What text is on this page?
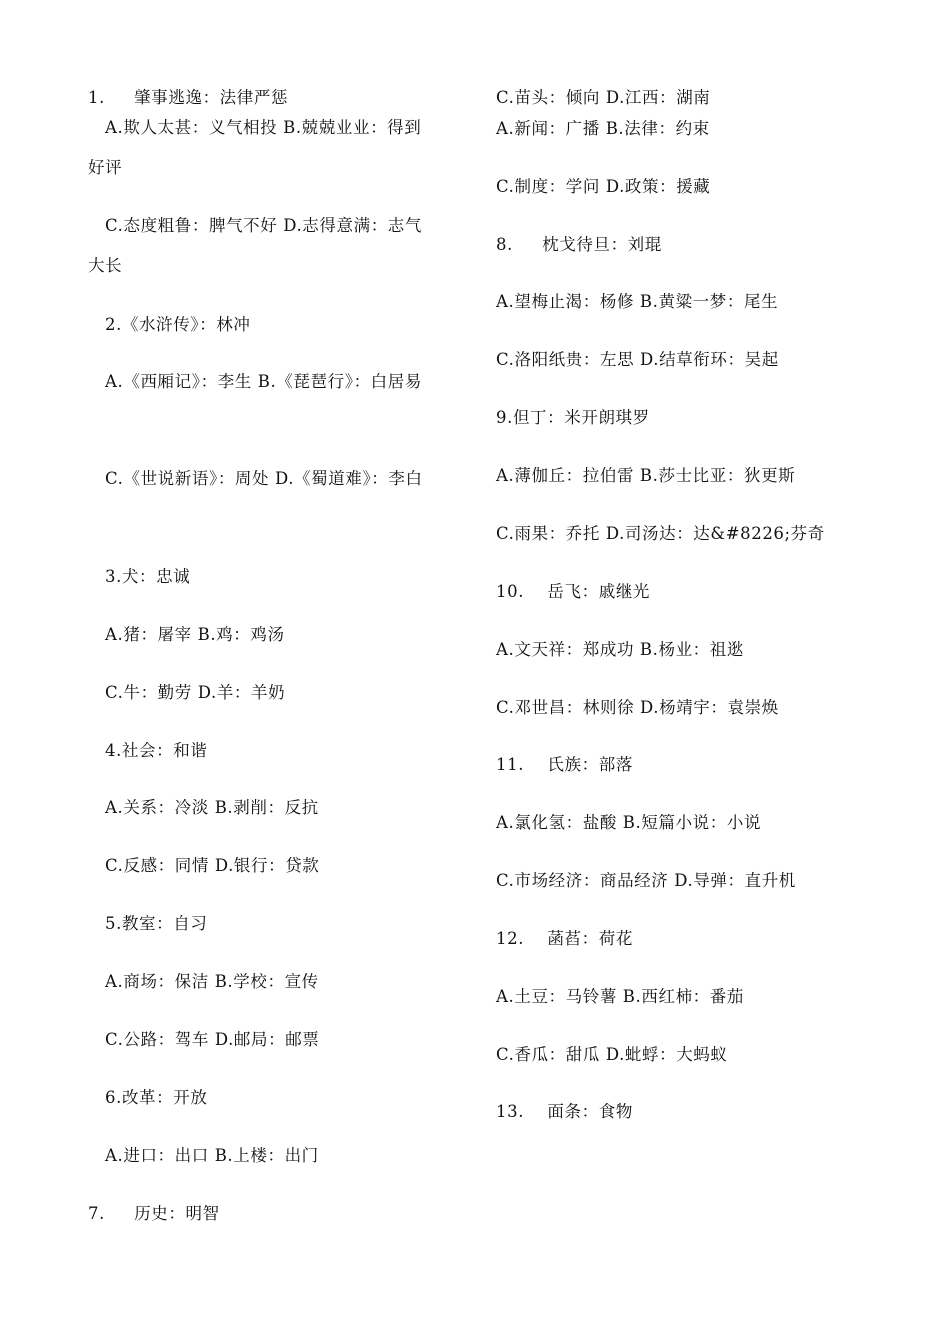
1.     肇事逃逸：法律严惩
A.欺人太甚：义气相投 B.兢兢业业：得到好评
C.态度粗鲁：脾气不好 D.志得意满：志气大长
2.《水浒传》：林冲
A.《西厢记》：李生 B.《琵琶行》：白居易
C.《世说新语》：周处 D.《蜀道难》：李白
3.犬：忠诚
A.猪：屠宰 B.鸡：鸡汤
C.牛：勤劳 D.羊：羊奶
4.社会：和谐
A.关系：冷淡 B.剥削：反抗
C.反感：同情 D.银行：贷款
5.教室：自习
A.商场：保洁 B.学校：宣传
C.公路：驾车 D.邮局：邮票
6.改革：开放
A.进口：出口 B.上楼：出门
7.     历史：明智
C.苗头：倾向 D.江西：湖南
A.新闻：广播 B.法律：约束
C.制度：学问 D.政策：援藏
8.     枕戈待旦：刘琨
A.望梅止渴：杨修 B.黄粱一梦：尾生
C.洛阳纸贵：左思 D.结草衔环：吴起
9.但丁：米开朗琪罗
A.薄伽丘：拉伯雷 B.莎士比亚：狄更斯
C.雨果：乔托 D.司汤达：达&#8226;芬奇
10.    岳飞：戚继光
A.文天祥：郑成功 B.杨业：祖逖
C.邓世昌：林则徐 D.杨靖宇：袁崇焕
11.    氏族：部落
A.氯化氢：盐酸 B.短篇小说：小说
C.市场经济：商品经济 D.导弹：直升机
12.    菡萏：荷花
A.土豆：马铃薯 B.西红柿：番茄
C.香瓜：甜瓜 D.蚍蜉：大蚂蚁
13.    面条：食物
